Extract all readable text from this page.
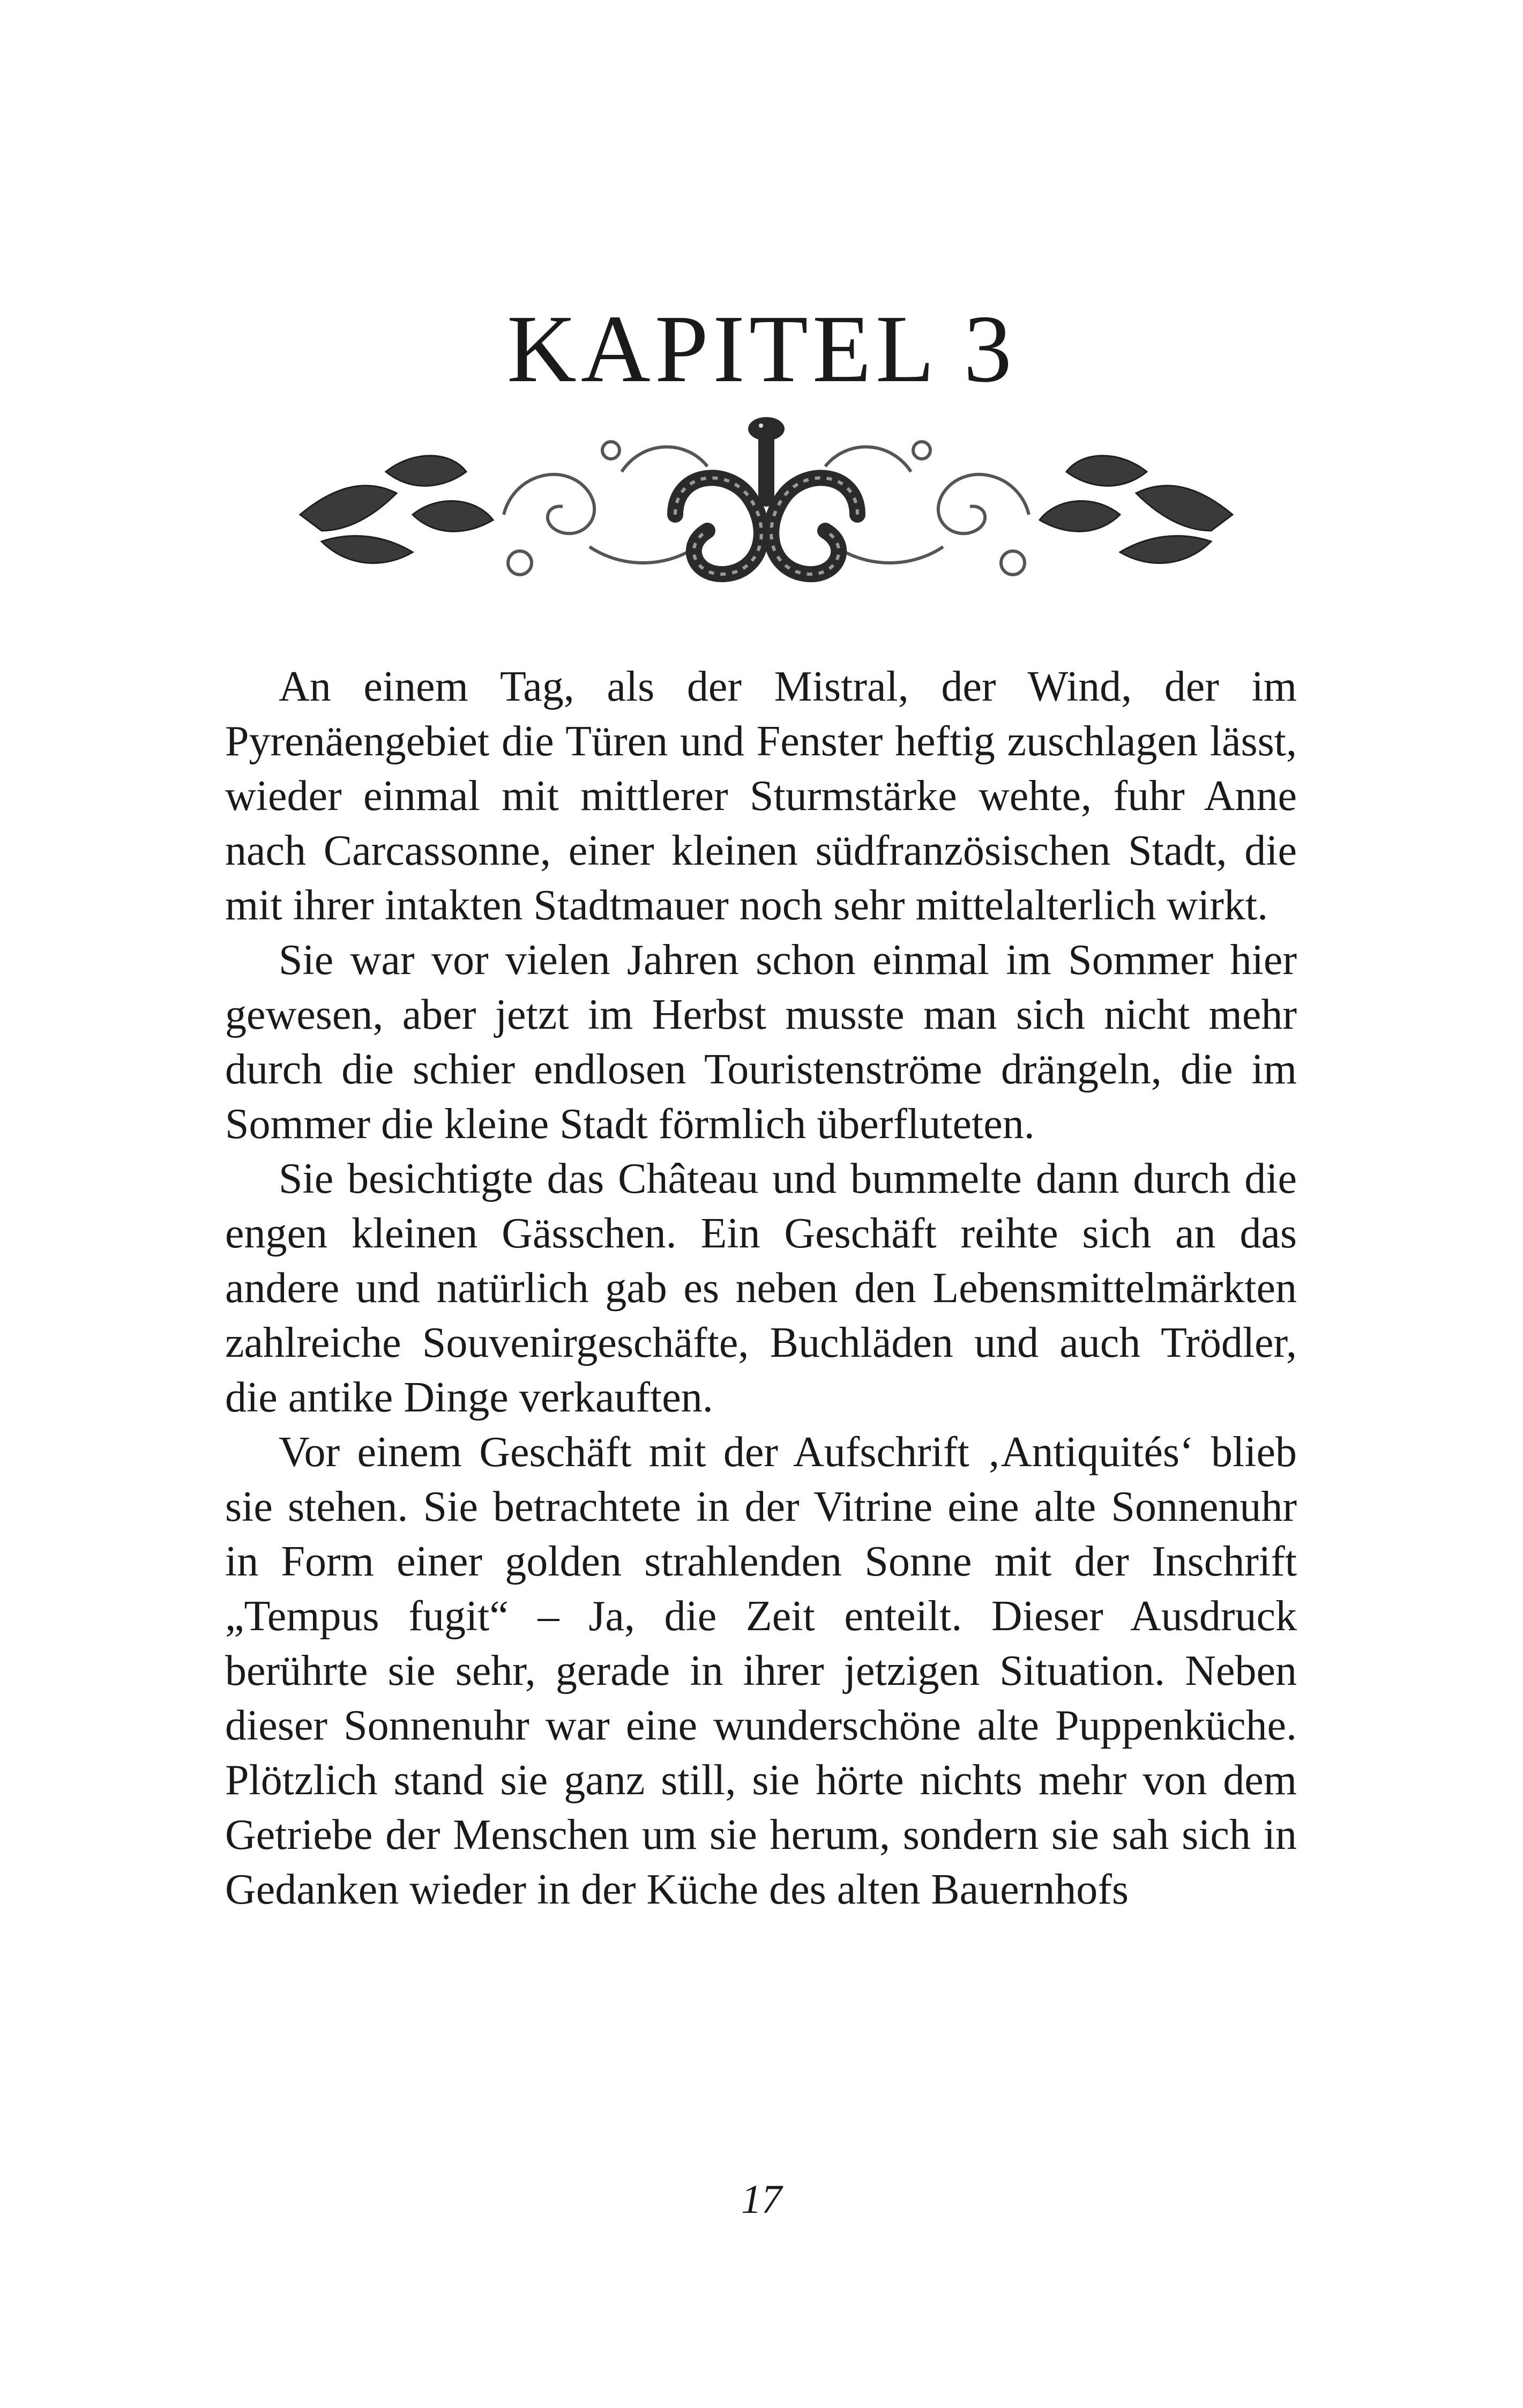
KAPITEL 3

An einem Tag, als der Mistral, der Wind, der im Pyrenäengebiet die Türen und Fenster heftig zuschlagen lässt, wieder einmal mit mittlerer Sturmstärke wehte, fuhr Anne nach Carcassonne, einer kleinen südfranzösischen Stadt, die mit ihrer intakten Stadtmauer noch sehr mittelalterlich wirkt.

Sie war vor vielen Jahren schon einmal im Sommer hier gewesen, aber jetzt im Herbst musste man sich nicht mehr durch die schier endlosen Touristenströme drängeln, die im Sommer die kleine Stadt förmlich überfluteten.

Sie besichtigte das Château und bummelte dann durch die engen kleinen Gässchen. Ein Geschäft reihte sich an das andere und natürlich gab es neben den Lebensmittelmärkten zahlreiche Souvenirgeschäfte, Buchläden und auch Trödler, die antike Dinge verkauften.

Vor einem Geschäft mit der Aufschrift ‚Antiquités‘ blieb sie stehen. Sie betrachtete in der Vitrine eine alte Sonnenuhr in Form einer golden strahlenden Sonne mit der Inschrift „Tempus fugit“ – Ja, die Zeit enteilt. Dieser Ausdruck berührte sie sehr, gerade in ihrer jetzigen Situation. Neben dieser Sonnenuhr war eine wunderschöne alte Puppenküche. Plötzlich stand sie ganz still, sie hörte nichts mehr von dem Getriebe der Menschen um sie herum, sondern sie sah sich in Gedanken wieder in der Küche des alten Bauernhofs

17
